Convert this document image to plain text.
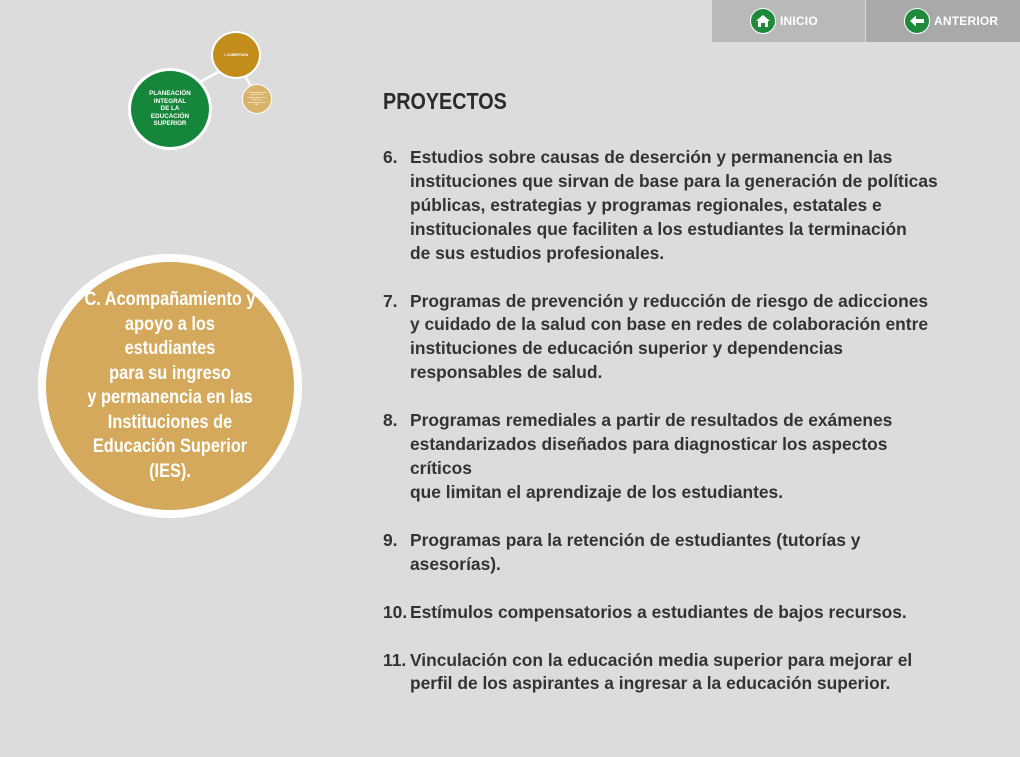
INICIO	ANTERIOR
PLANEACIÓN
INTEGRAL
DE LA
EDUCACIÓN
SUPERIOR
I. COBERTURA
C. Acompañamiento y apoyo a los estudiantes para su ingreso y permanencia en las IES
C. Acompañamiento y
apoyo a los estudiantes
para su ingreso
y permanencia en las
Instituciones de
Educación Superior
(IES).
PROYECTOS
6. Estudios sobre causas de deserción y permanencia en las
instituciones que sirvan de base para la generación de políticas
públicas, estrategias y programas regionales, estatales e
institucionales que faciliten a los estudiantes la terminación
de sus estudios profesionales.
7. Programas de prevención y reducción de riesgo de adicciones
y cuidado de la salud con base en redes de colaboración entre
instituciones de educación superior y dependencias
responsables de salud.
8. Programas remediales a partir de resultados de exámenes
estandarizados diseñados para diagnosticar los aspectos críticos
que limitan el aprendizaje de los estudiantes.
9. Programas para la retención de estudiantes (tutorías y
asesorías).
10. Estímulos compensatorios a estudiantes de bajos recursos.
11. Vinculación con la educación media superior para mejorar el
perfil de los aspirantes a ingresar a la educación superior.
